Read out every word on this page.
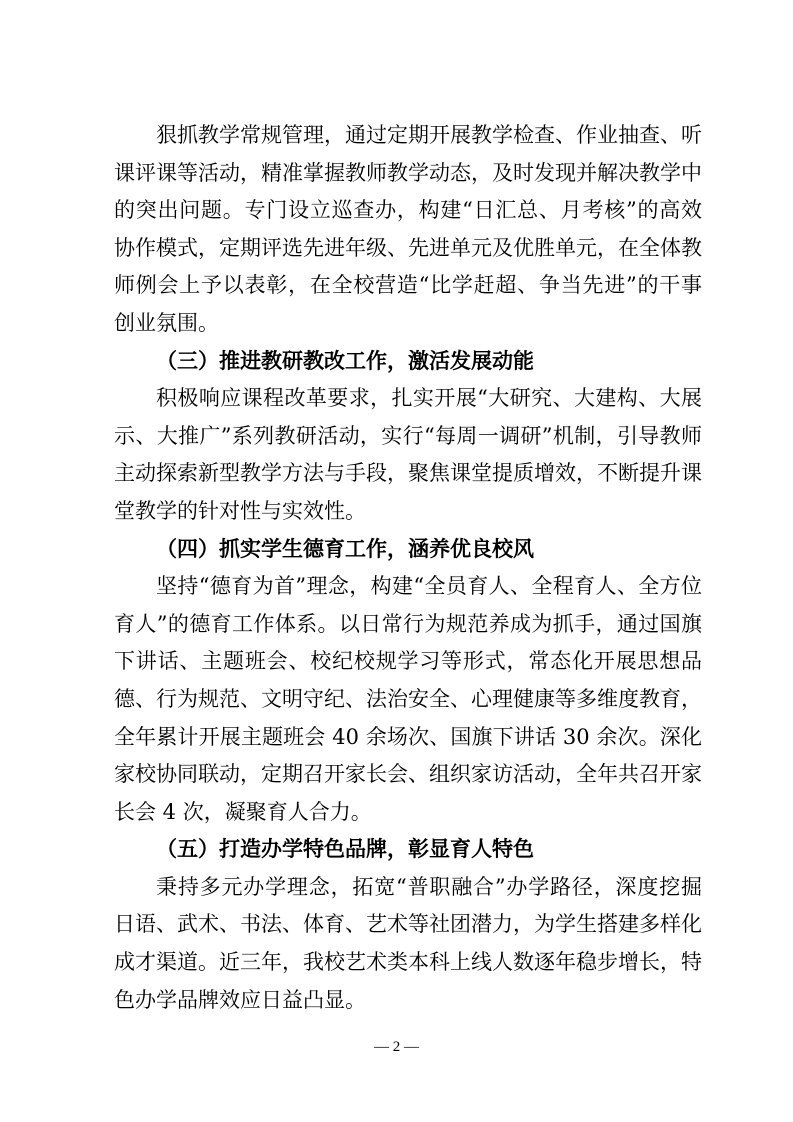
狠抓教学常规管理，通过定期开展教学检查、作业抽查、听课评课等活动，精准掌握教师教学动态，及时发现并解决教学中的突出问题。专门设立巡查办，构建“日汇总、月考核”的高效协作模式，定期评选先进年级、先进单元及优胜单元，在全体教师例会上予以表彰，在全校营造“比学赶超、争当先进”的干事创业氛围。

（三）推进教研教改工作，激活发展动能

积极响应课程改革要求，扎实开展“大研究、大建构、大展示、大推广”系列教研活动，实行“每周一调研”机制，引导教师主动探索新型教学方法与手段，聚焦课堂提质增效，不断提升课堂教学的针对性与实效性。

（四）抓实学生德育工作，涵养优良校风

坚持“德育为首”理念，构建“全员育人、全程育人、全方位育人”的德育工作体系。以日常行为规范养成为抓手，通过国旗下讲话、主题班会、校纪校规学习等形式，常态化开展思想品德、行为规范、文明守纪、法治安全、心理健康等多维度教育，全年累计开展主题班会 40 余场次、国旗下讲话 30 余次。深化家校协同联动，定期召开家长会、组织家访活动，全年共召开家长会 4 次，凝聚育人合力。

（五）打造办学特色品牌，彰显育人特色

秉持多元办学理念，拓宽“普职融合”办学路径，深度挖掘日语、武术、书法、体育、艺术等社团潜力，为学生搭建多样化成才渠道。近三年，我校艺术类本科上线人数逐年稳步增长，特色办学品牌效应日益凸显。

— 2 —
